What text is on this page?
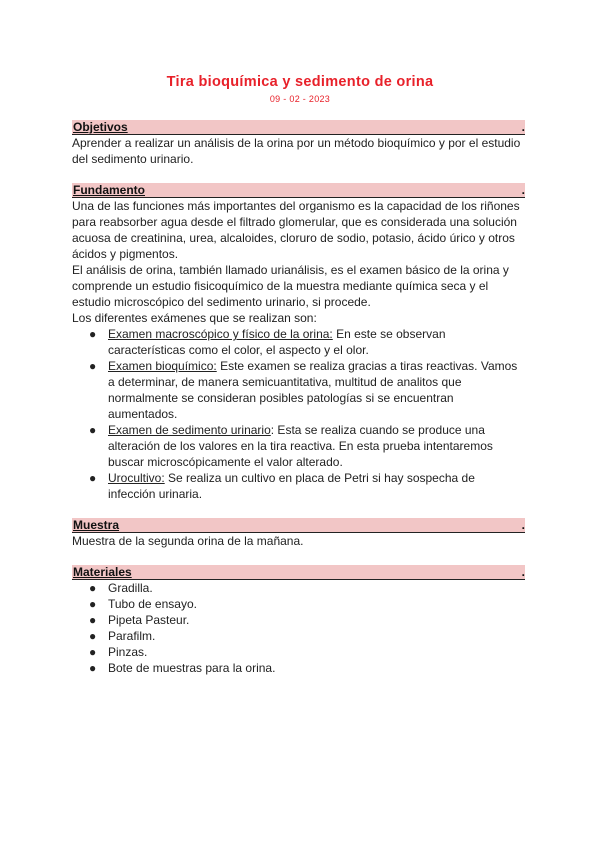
Tira bioquímica y sedimento de orina
09 - 02 - 2023
Objetivos	.

Aprender a realizar un análisis de la orina por un método bioquímico y por el estudio del sedimento urinario.

Fundamento	.

Una de las funciones más importantes del organismo es la capacidad de los riñones para reabsorber agua desde el filtrado glomerular, que es considerada una solución acuosa de creatinina, urea, alcaloides, cloruro de sodio, potasio, ácido úrico y otros ácidos y pigmentos.

El análisis de orina, también llamado urianálisis, es el examen básico de la orina y comprende un estudio fisicoquímico de la muestra mediante química seca y el estudio microscópico del sedimento urinario, si procede.

Los diferentes exámenes que se realizan son:

● Examen macroscópico y físico de la orina: En este se observan características como el color, el aspecto y el olor.
● Examen bioquímico: Este examen se realiza gracias a tiras reactivas. Vamos a determinar, de manera semicuantitativa, multitud de analitos que normalmente se consideran posibles patologías si se encuentran aumentados.
● Examen de sedimento urinario: Esta se realiza cuando se produce una alteración de los valores en la tira reactiva. En esta prueba intentaremos buscar microscópicamente el valor alterado.
● Urocultivo: Se realiza un cultivo en placa de Petri si hay sospecha de infección urinaria.
Muestra	.

Muestra de la segunda orina de la mañana.

Materiales	.
● Gradilla.
● Tubo de ensayo.
● Pipeta Pasteur.
● Parafilm.
● Pinzas.
● Bote de muestras para la orina.
